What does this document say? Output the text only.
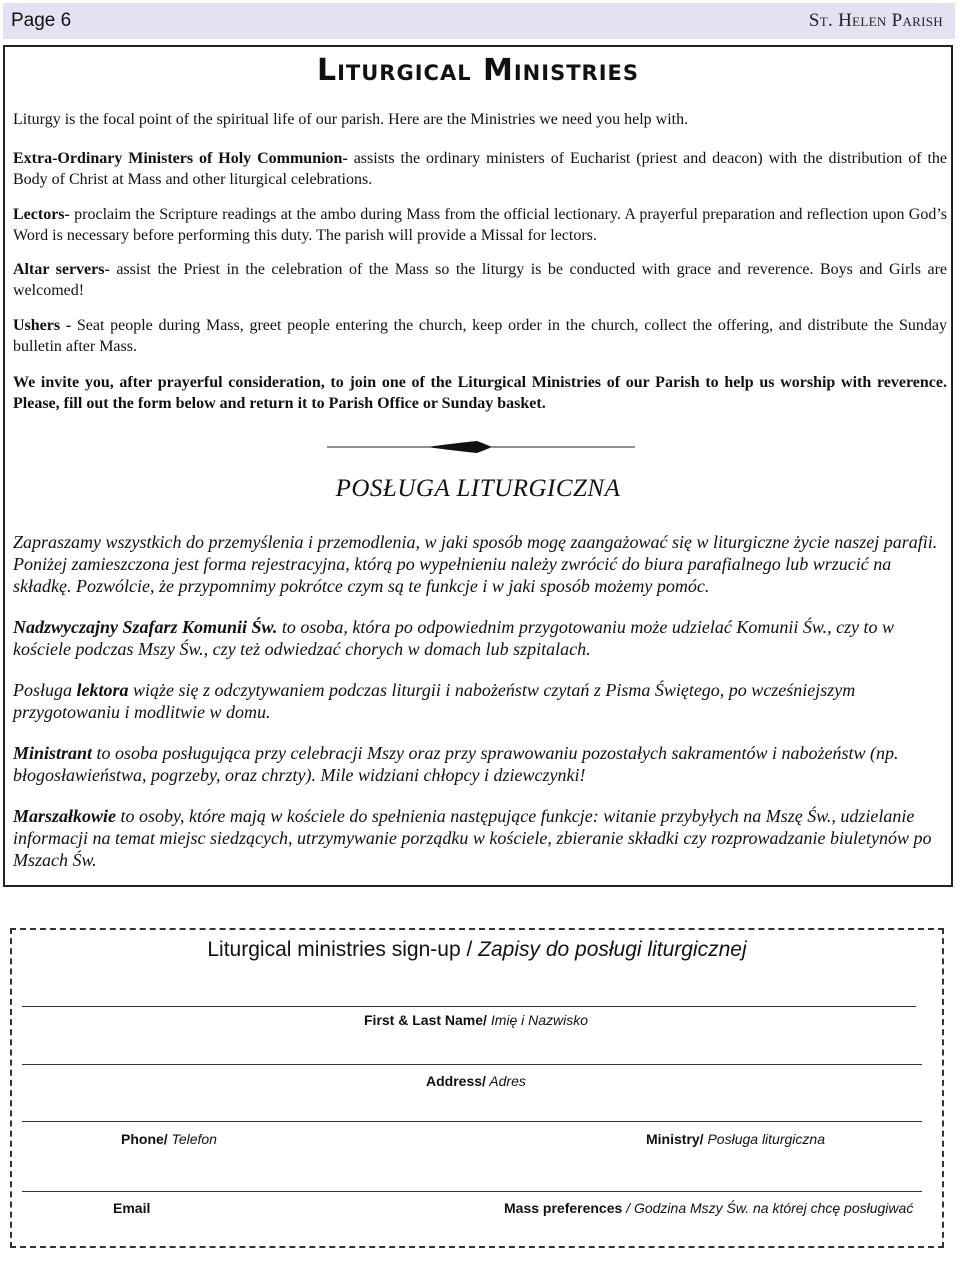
Page 6	St. Helen Parish
Liturgical Ministries

Liturgy is the focal point of the spiritual life of our parish. Here are the Ministries we need you help with.

Extra-Ordinary Ministers of Holy Communion- assists the ordinary ministers of Eucharist (priest and deacon) with the distribution of the Body of Christ at Mass and other liturgical celebrations.

Lectors- proclaim the Scripture readings at the ambo during Mass from the official lectionary. A prayerful preparation and reflection upon God’s Word is necessary before performing this duty. The parish will provide a Missal for lectors.

Altar servers- assist the Priest in the celebration of the Mass so the liturgy is be conducted with grace and reverence. Boys and Girls are welcomed!

Ushers - Seat people during Mass, greet people entering the church, keep order in the church, collect the offering, and distribute the Sunday bulletin after Mass.

We invite you, after prayerful consideration, to join one of the Liturgical Ministries of our Parish to help us worship with reverence. Please, fill out the form below and return it to Parish Office or Sunday basket.

POSŁUGA LITURGICZNA

Zapraszamy wszystkich do przemyślenia i przemodlenia, w jaki sposób mogę zaangażować się w liturgiczne życie naszej parafii. Poniżej zamieszczona jest forma rejestracyjna, którą po wypełnieniu należy zwrócić do biura parafialnego lub wrzucić na składkę. Pozwólcie, że przypomnimy pokrótce czym są te funkcje i w jaki sposób możemy pomóc.

Nadzwyczajny Szafarz Komunii Św. to osoba, która po odpowiednim przygotowaniu może udzielać Komunii Św., czy to w kościele podczas Mszy Św., czy też odwiedzać chorych w domach lub szpitalach.

Posługa lektora wiąże się z odczytywaniem podczas liturgii i nabożeństw czytań z Pisma Świętego, po wcześniejszym przygotowaniu i modlitwie w domu.

Ministrant to osoba posługująca przy celebracji Mszy oraz przy sprawowaniu pozostałych sakramentów i nabożeństw (np. błogosławieństwa, pogrzeby, oraz chrzty). Mile widziani chłopcy i dziewczynki!

Marszałkowie to osoby, które mają w kościele do spełnienia następujące funkcje: witanie przybyłych na Mszę Św., udzielanie informacji na temat miejsc siedzących, utrzymywanie porządku w kościele, zbieranie składki czy rozprowadzanie biuletynów po Mszach Św.

Liturgical ministries sign-up / Zapisy do posługi liturgicznej
First & Last Name/ Imię i Nazwisko
Address/ Adres
Phone/ Telefon	Ministry/ Posługa liturgiczna
Email	Mass preferences / Godzina Mszy Św. na której chcę posługiwać
